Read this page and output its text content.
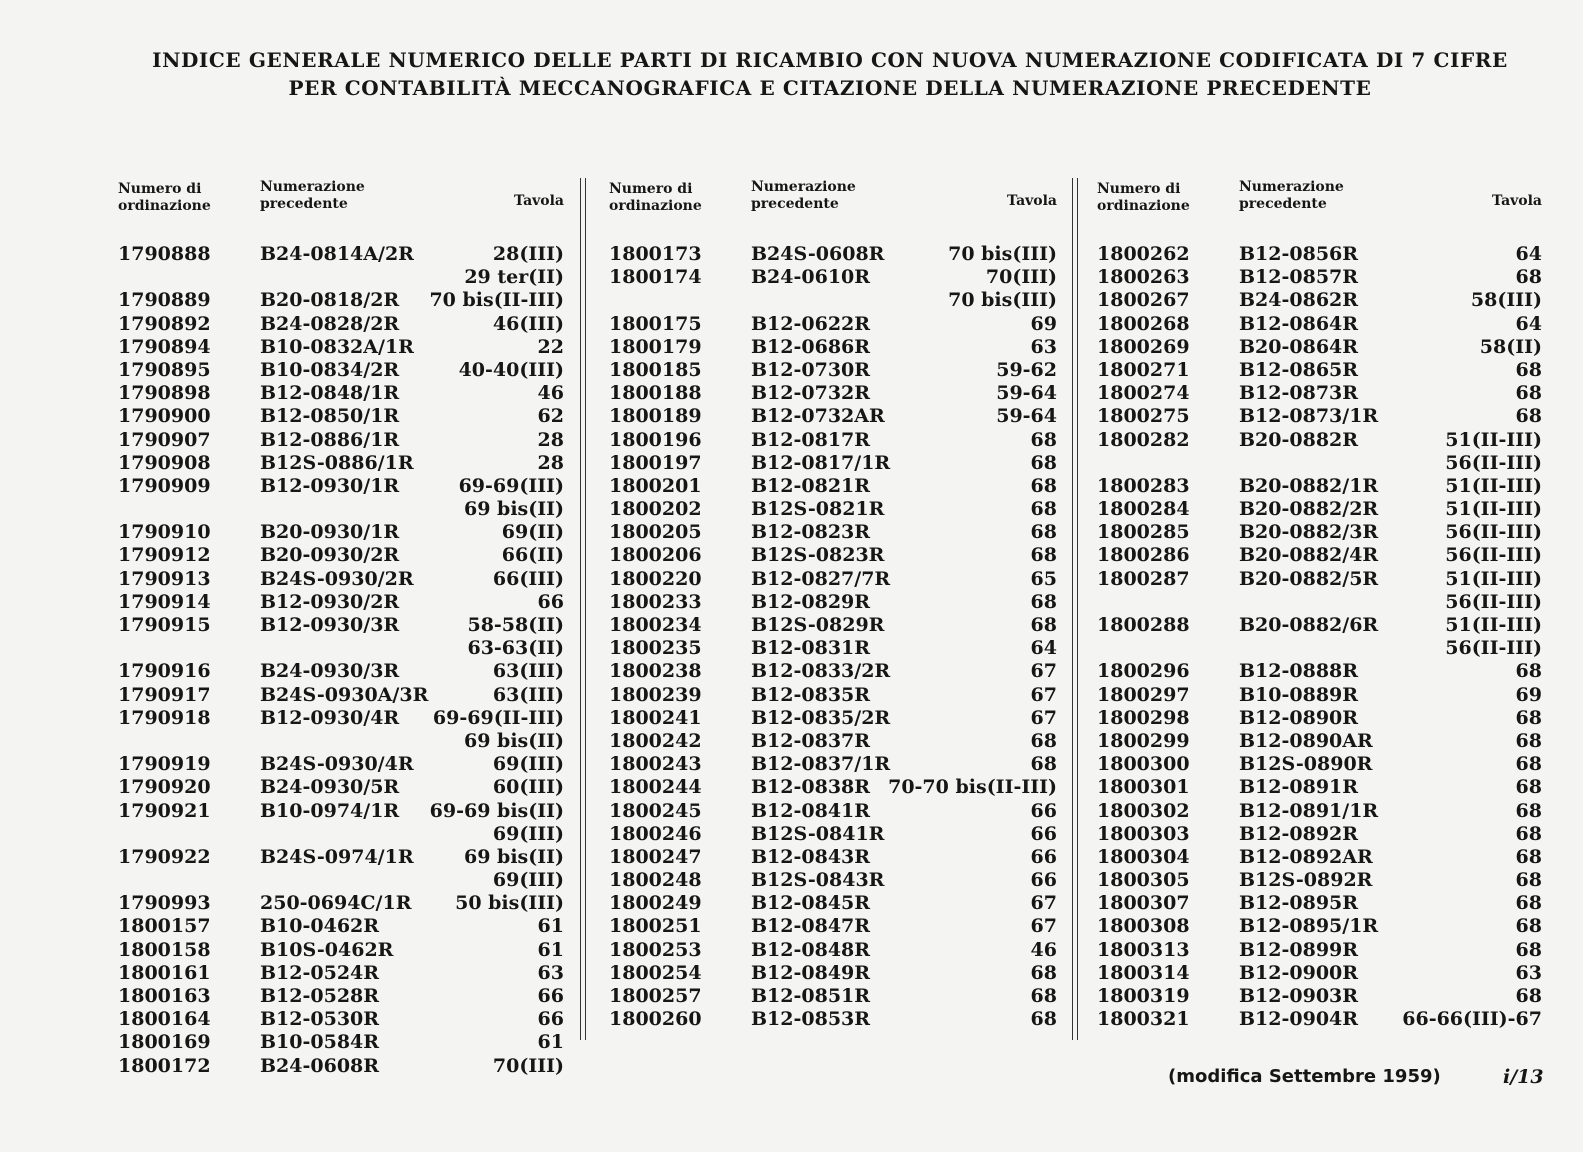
INDICE GENERALE NUMERICO DELLE PARTI DI RICAMBIO CON NUOVA NUMERAZIONE CODIFICATA DI 7 CIFRE
PER CONTABILITÀ MECCANOGRAFICA E CITAZIONE DELLA NUMERAZIONE PRECEDENTE
Numero di ordinazione
Numerazione precedente	Tavola
1790888	B24-0814A/2R	28(III)
29 ter(II)
1790889	B20-0818/2R 70 bis(II-III)
1790892	B24-0828/2R	46(III)
1790894	B10-0832A/1R	22
1790895	B10-0834/2R	40-40(III)
1790898	B12-0848/1R	46
1790900	B12-0850/1R	62
1790907	B12-0886/1R	28
1790908	B12S-0886/1R	28
1790909	B12-0930/1R	69-69(III)
69 bis(II)
1790910	B20-0930/1R	69(II)
1790912	B20-0930/2R	66(II)
1790913	B24S-0930/2R	66(III)
1790914	B12-0930/2R	66
1790915	B12-0930/3R	58-58(II)
63-63(II)
1790916	B24-0930/3R	63(III)
1790917	B24S-0930A/3R	63(III)
1790918	B12-0930/4R 69-69(II-III)
69 bis(II)
1790919	B24S-0930/4R	69(III)
1790920	B24-0930/5R	60(III)
1790921	B10-0974/1R 69-69 bis(II)
69(III)
1790922	B24S-0974/1R	69 bis(II)
69(III)
1790993	250-0694C/1R 50 bis(III)
1800157	B10-0462R	61
1800158	B10S-0462R	61
1800161	B12-0524R	63
1800163	B12-0528R	66
1800164	B12-0530R	66
1800169	B10-0584R	61
1800172	B24-0608R	70(III)
Numero di ordinazione
Numerazione precedente	Tavola
1800173	B24S-0608R	70 bis(III)
1800174	B24-0610R	70(III)
70 bis(III)
1800175	B12-0622R	69
1800179	B12-0686R	63
1800185	B12-0730R	59-62
1800188	B12-0732R	59-64
1800189	B12-0732AR	59-64
1800196	B12-0817R	68
1800197	B12-0817/1R	68
1800201	B12-0821R	68
1800202	B12S-0821R	68
1800205	B12-0823R	68
1800206	B12S-0823R	68
1800220	B12-0827/7R	65
1800233	B12-0829R	68
1800234	B12S-0829R	68
1800235	B12-0831R	64
1800238	B12-0833/2R	67
1800239	B12-0835R	67
1800241	B12-0835/2R	67
1800242	B12-0837R	68
1800243	B12-0837/1R	68
1800244	B12-0838R 70-70 bis(II-III)
1800245	B12-0841R	66
1800246	B12S-0841R	66
1800247	B12-0843R	66
1800248	B12S-0843R	66
1800249	B12-0845R	67
1800251	B12-0847R	67
1800253	B12-0848R	46
1800254	B12-0849R	68
1800257	B12-0851R	68
1800260	B12-0853R	68
Numero di ordinazione
Numerazione precedente	Tavola
1800262	B12-0856R	64
1800263	B12-0857R	68
1800267	B24-0862R	58(III)
1800268	B12-0864R	64
1800269	B20-0864R	58(II)
1800271	B12-0865R	68
1800274	B12-0873R	68
1800275	B12-0873/1R	68
1800282	B20-0882R	51(II-III)
56(II-III)
1800283	B20-0882/1R	51(II-III)
1800284	B20-0882/2R	51(II-III)
1800285	B20-0882/3R	56(II-III)
1800286	B20-0882/4R	56(II-III)
1800287	B20-0882/5R	51(II-III)
56(II-III)
1800288	B20-0882/6R	51(II-III)
56(II-III)
1800296	B12-0888R	68
1800297	B10-0889R	69
1800298	B12-0890R	68
1800299	B12-0890AR	68
1800300	B12S-0890R	68
1800301	B12-0891R	68
1800302	B12-0891/1R	68
1800303	B12-0892R	68
1800304	B12-0892AR	68
1800305	B12S-0892R	68
1800307	B12-0895R	68
1800308	B12-0895/1R	68
1800313	B12-0899R	68
1800314	B12-0900R	63
1800319	B12-0903R	68
1800321	B12-0904R 66-66(III)-67
(modifica Settembre 1959)	i/13
